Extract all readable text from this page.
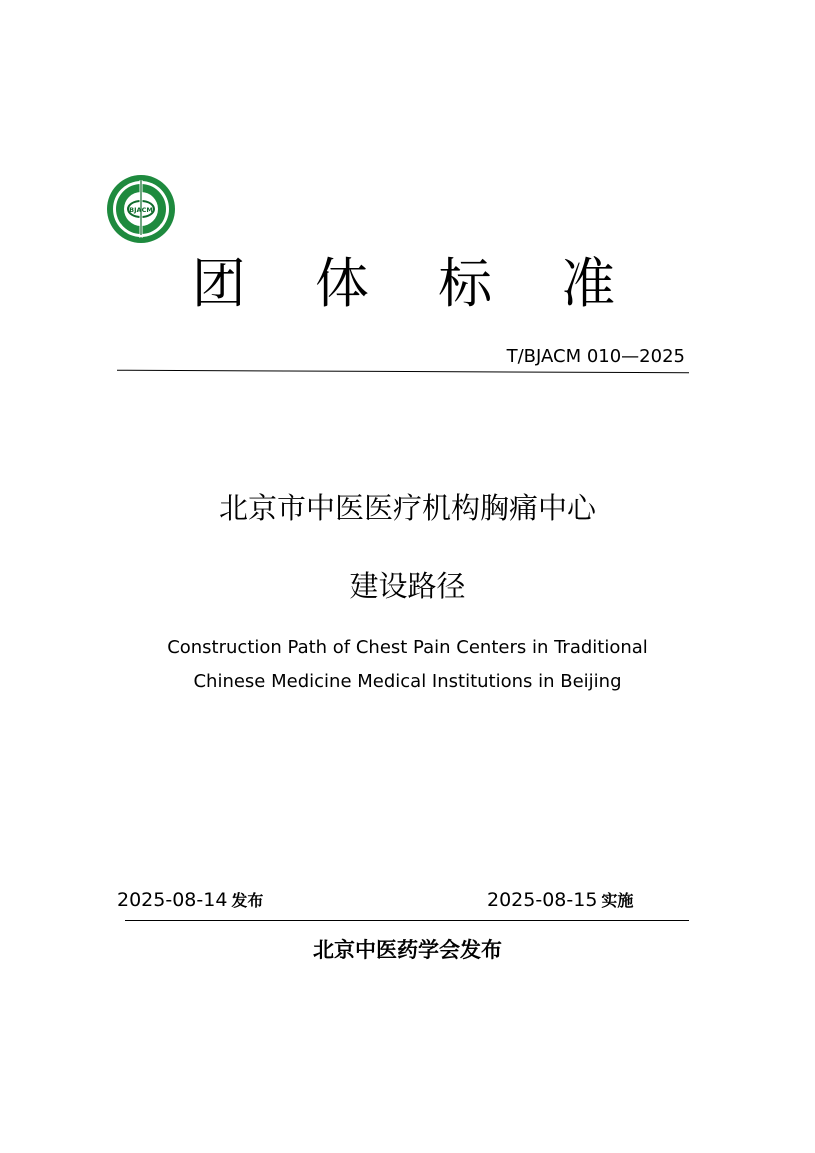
BJACM
团 体 标 准
T/BJACM 010—2025
北京市中医医疗机构胸痛中心
建设路径
Construction Path of Chest Pain Centers in Traditional
Chinese Medicine Medical Institutions in Beijing
2025-08-14 发布	2025-08-15 实施
北京中医药学会发布
